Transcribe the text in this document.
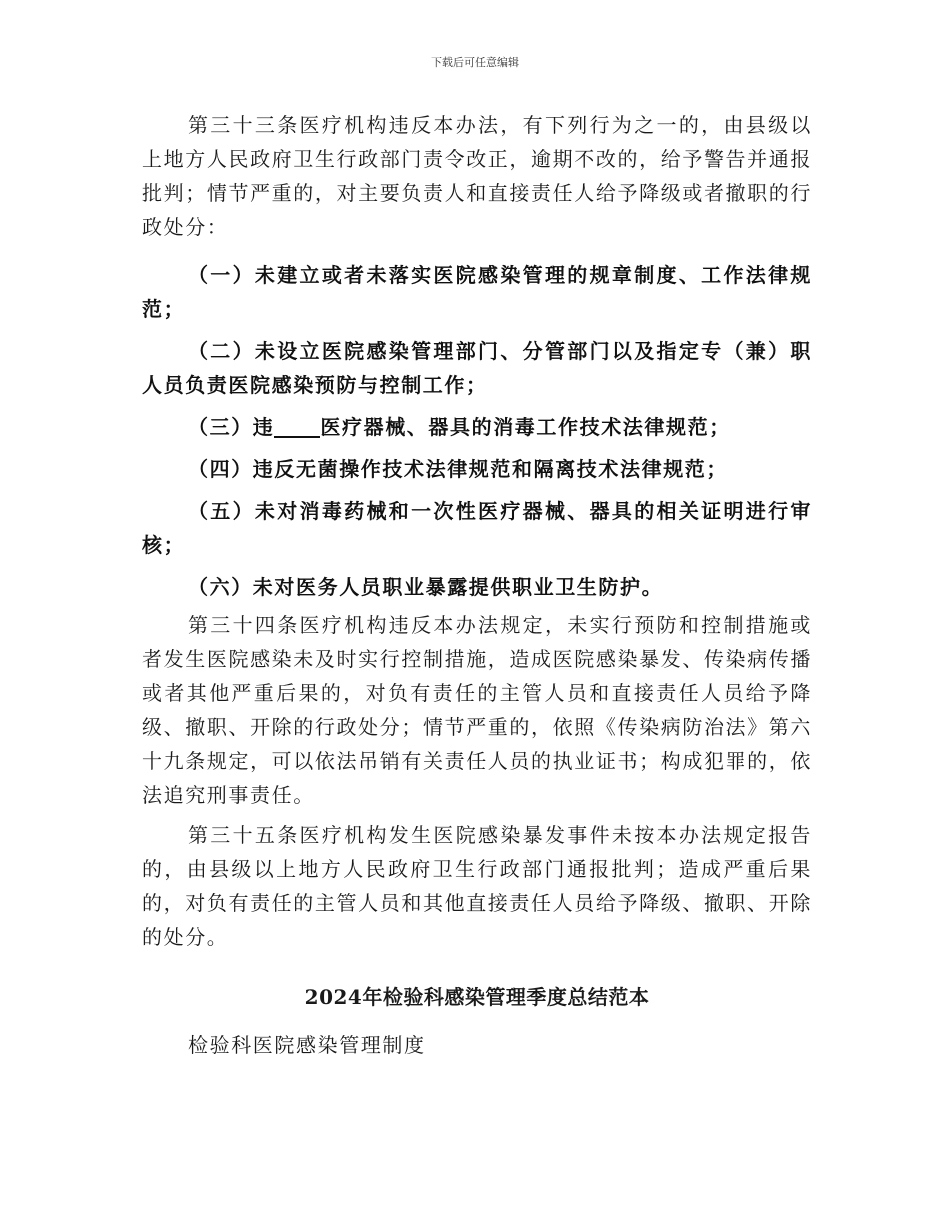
下载后可任意编辑

第三十三条医疗机构违反本办法，有下列行为之一的，由县级以上地方人民政府卫生行政部门责令改正，逾期不改的，给予警告并通报批判；情节严重的，对主要负责人和直接责任人给予降级或者撤职的行政处分：

（一）未建立或者未落实医院感染管理的规章制度、工作法律规范；

（二）未设立医院感染管理部门、分管部门以及指定专（兼）职人员负责医院感染预防与控制工作；

（三）违 医疗器械、器具的消毒工作技术法律规范；

（四）违反无菌操作技术法律规范和隔离技术法律规范；

（五）未对消毒药械和一次性医疗器械、器具的相关证明进行审核；

（六）未对医务人员职业暴露提供职业卫生防护。

第三十四条医疗机构违反本办法规定，未实行预防和控制措施或者发生医院感染未及时实行控制措施，造成医院感染暴发、传染病传播或者其他严重后果的，对负有责任的主管人员和直接责任人员给予降级、撤职、开除的行政处分；情节严重的，依照《传染病防治法》第六十九条规定，可以依法吊销有关责任人员的执业证书；构成犯罪的，依法追究刑事责任。

第三十五条医疗机构发生医院感染暴发事件未按本办法规定报告的，由县级以上地方人民政府卫生行政部门通报批判；造成严重后果的，对负有责任的主管人员和其他直接责任人员给予降级、撤职、开除的处分。

2024年检验科感染管理季度总结范本

检验科医院感染管理制度
